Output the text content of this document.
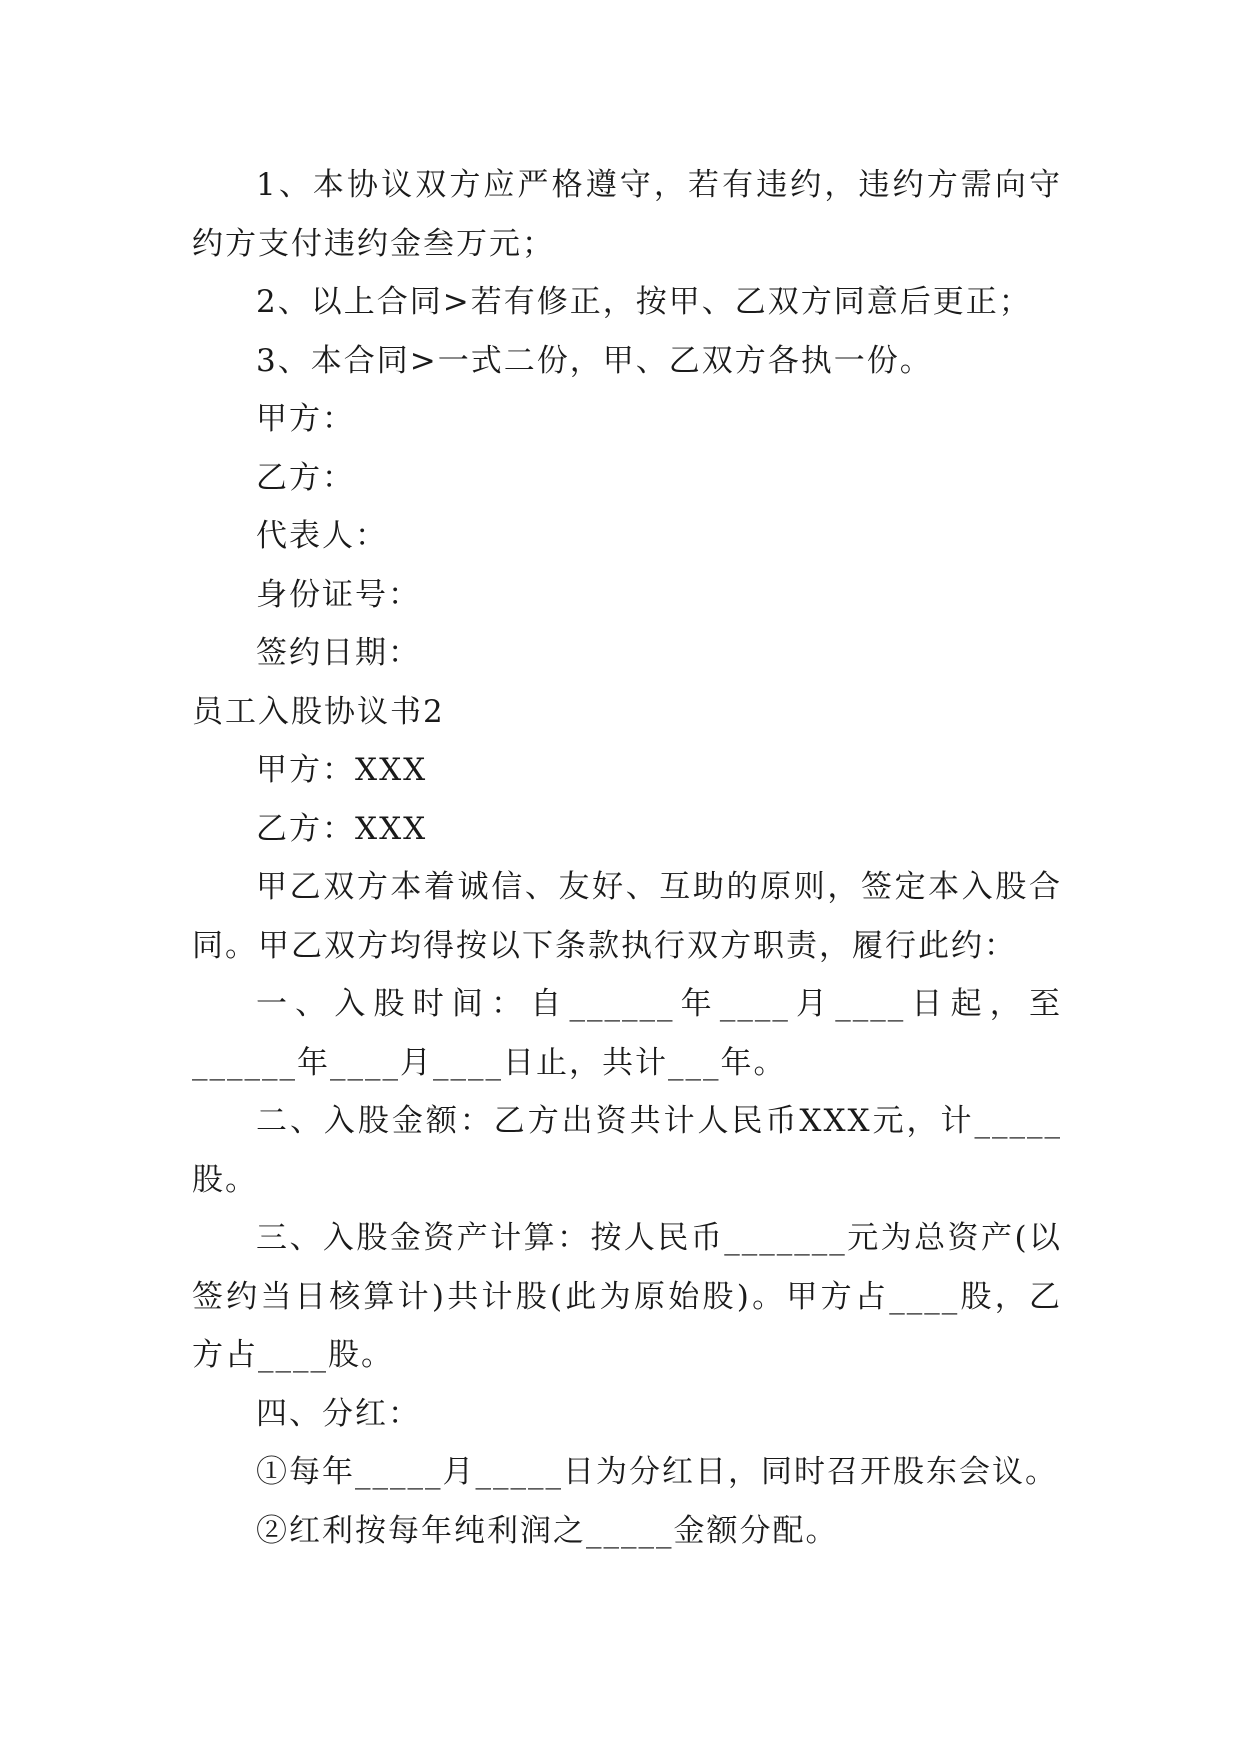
1、本协议双方应严格遵守，若有违约，违约方需向守约方支付违约金叁万元；

2、以上合同>若有修正，按甲、乙双方同意后更正；

3、本合同>一式二份，甲、乙双方各执一份。

甲方：

乙方：

代表人：

身份证号：

签约日期：

员工入股协议书2

甲方：XXX

乙方：XXX

甲乙双方本着诚信、友好、互助的原则，签定本入股合同。甲乙双方均得按以下条款执行双方职责，履行此约：

一、入股时间：自______年____月____日起，至______年____月____日止，共计___年。

二、入股金额：乙方出资共计人民币XXX元，计_____股。

三、入股金资产计算：按人民币_______元为总资产(以签约当日核算计)共计股(此为原始股)。甲方占____股，乙方占____股。

四、分红：

①每年_____月_____日为分红日，同时召开股东会议。

②红利按每年纯利润之_____金额分配。
